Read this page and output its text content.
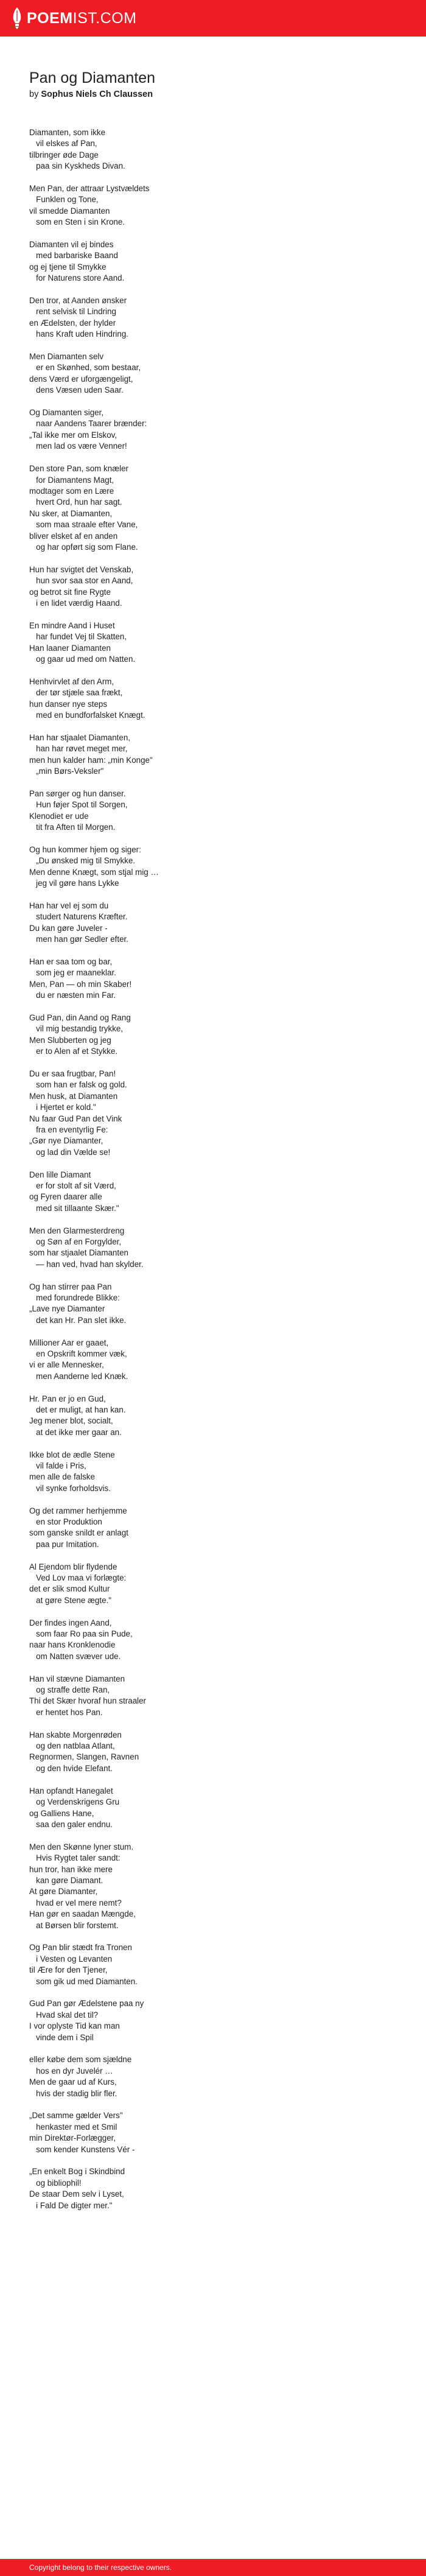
POEMIST.COM
Pan og Diamanten
by Sophus Niels Ch Claussen
Diamanten, som ikke
vil elskes af Pan,
tilbringer øde Dage
paa sin Kyskheds Divan.
Men Pan, der attraar Lystvældets
Funklen og Tone,
vil smedde Diamanten
som en Sten i sin Krone.
Diamanten vil ej bindes
med barbariske Baand
og ej tjene til Smykke
for Naturens store Aand.
Den tror, at Aanden ønsker
rent selvisk til Lindring
en Ædelsten, der hylder
hans Kraft uden Hindring.
Men Diamanten selv
er en Skønhed, som bestaar,
dens Værd er uforgængeligt,
dens Væsen uden Saar.
Og Diamanten siger,
naar Aandens Taarer brænder:
„Tal ikke mer om Elskov,
men lad os være Venner!
Den store Pan, som knæler
for Diamantens Magt,
modtager som en Lære
hvert Ord, hun har sagt.
Nu sker, at Diamanten,
som maa straale efter Vane,
bliver elsket af en anden
og har opført sig som Flane.
Hun har svigtet det Venskab,
hun svor saa stor en Aand,
og betrot sit fine Rygte
i en lidet værdig Haand.
En mindre Aand i Huset
har fundet Vej til Skatten,
Han laaner Diamanten
og gaar ud med om Natten.
Henhvirvlet af den Arm,
der tør stjæle saa frækt,
hun danser nye steps
med en bundforfalsket Knægt.
Han har stjaalet Diamanten,
han har røvet meget mer,
men hun kalder ham: „min Konge"
„min Børs-Veksler"
Pan sørger og hun danser.
Hun føjer Spot til Sorgen,
Klenodiet er ude
tit fra Aften til Morgen.
Og hun kommer hjem og siger:
„Du ønsked mig til Smykke.
Men denne Knægt, som stjal mig …
jeg vil gøre hans Lykke
Han har vel ej som du
studert Naturens Kræfter.
Du kan gøre Juveler -
men han gør Sedler efter.
Han er saa tom og bar,
som jeg er maaneklar.
Men, Pan — oh min Skaber!
du er næsten min Far.
Gud Pan, din Aand og Rang
vil mig bestandig trykke,
Men Slubberten og jeg
er to Alen af et Stykke.
Du er saa frugtbar, Pan!
som han er falsk og gold.
Men husk, at Diamanten
i Hjertet er kold."
Nu faar Gud Pan det Vink
fra en eventyrlig Fe:
„Gør nye Diamanter,
og lad din Vælde se!
Den lille Diamant
er for stolt af sit Værd,
og Fyren daarer alle
med sit tillaante Skær."
Men den Glarmesterdreng
og Søn af en Forgylder,
som har stjaalet Diamanten
— han ved, hvad han skylder.
Og han stirrer paa Pan
med forundrede Blikke:
„Lave nye Diamanter
det kan Hr. Pan slet ikke.
Millioner Aar er gaaet,
en Opskrift kommer væk,
vi er alle Mennesker,
men Aanderne led Knæk.
Hr. Pan er jo en Gud,
det er muligt, at han kan.
Jeg mener blot, socialt,
at det ikke mer gaar an.
Ikke blot de ædle Stene
vil falde i Pris,
men alle de falske
vil synke forholdsvis.
Og det rammer herhjemme
en stor Produktion
som ganske snildt er anlagt
paa pur Imitation.
Al Ejendom blir flydende
Ved Lov maa vi forlægte:
det er slik smod Kultur
at gøre Stene ægte."
Der findes ingen Aand,
som faar Ro paa sin Pude,
naar hans Kronklenodie
om Natten svæver ude.
Han vil stævne Diamanten
og straffe dette Ran,
Thi det Skær hvoraf hun straaler
er hentet hos Pan.
Han skabte Morgenrøden
og den natblaa Atlant,
Regnormen, Slangen, Ravnen
og den hvide Elefant.
Han opfandt Hanegalet
og Verdenskrigens Gru
og Galliens Hane,
saa den galer endnu.
Men den Skønne lyner stum.
Hvis Rygtet taler sandt:
hun tror, han ikke mere
kan gøre Diamant.
At gøre Diamanter,
hvad er vel mere nemt?
Han gør en saadan Mængde,
at Børsen blir forstemt.
Og Pan blir stædt fra Tronen
i Vesten og Levanten
til Ære for den Tjener,
som gik ud med Diamanten.
Gud Pan gør Ædelstene paa ny
Hvad skal det til?
I vor oplyste Tid kan man
vinde dem i Spil
eller købe dem som sjældne
hos en dyr Juvelér …
Men de gaar ud af Kurs,
hvis der stadig blir fler.
„Det samme gælder Vers"
henkaster med et Smil
min Direktør-Forlægger,
som kender Kunstens Vér -
„En enkelt Bog i Skindbind
og bibliophil!
De staar Dem selv i Lyset,
i Fald De digter mer."
Copyright belong to their respective owners.
